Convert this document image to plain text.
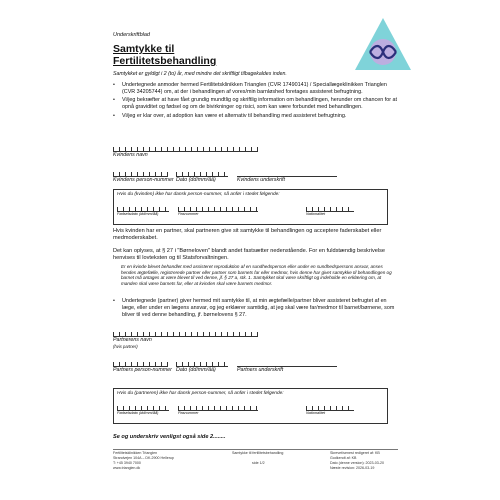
Underskriftblad
Samtykke til
Fertilitetsbehandling
Samtykket er gyldigt i 2 (to) år, med mindre det skriftligt tilbagekaldes inden.
• Undertegnede anmoder hermed Fertilitetsklinikken Trianglen (CVR 17490141) / Speciallægeklinikken Trianglen (CVR 34205744) om, at der i behandlingen af vores/min barnløshed foretages assisteret befrugtning.
• Vi/jeg bekræfter at have fået grundig mundtlig og skriftlig information om behandlingen, herunder om chancen for at opnå graviditet og fødsel og om de bivirkninger og risici, som kan være forbundet med behandlingen.
• Vi/jeg er klar over, at adoption kan være et alternativ til behandling med assisteret befrugtning.
Kvindens navn
Kvindens person-nummer Dato (dd/mm/åå)	Kvindens underskrift
Hvis du (kvinden) ikke har dansk person-nummer, så anfør i stedet følgende:
Fødselsdato (dd/mm/åå)	Pasnummer	Nationalitet
Hvis kvinden har en partner, skal partneren give sit samtykke til behandlingen og acceptere faderskabet eller medmoderskabet.
Det kan oplyses, at § 27 i "Børneloven" blandt andet fastsætter nedenstående. For en fuldstændig beskrivelse henvises til lovteksten og til Statsforvaltningen.
Er en kvinde blevet behandlet med assisteret reproduktion af en sundhedsperson eller under en sundhedspersons ansvar, anses hendes ægtefælle, registrerede partner eller partner som barnets far eller medmor, hvis denne har givet samtykke til behandlingen og barnet må antages at være blevet til ved denne, jf. § 27 a, stk. 1. Samtykket skal være skriftligt og indeholde en erklæring om, at manden skal være barnets far, eller at kvinden skal være barnets medmor.
• Undertegnede (partner) giver hermed mit samtykke til, at min ægtefælle/partner bliver assisteret befrugtet af en læge, eller under en lægens ansvar, og jeg erklærer samtidig, at jeg skal være far/medmor til barnet/børnene, som bliver til ved denne behandling, jf. børnelovens § 27.
Partnerens navn
(hvis partner)
Partners person-nummer Dato (dd/mm/åå)	Partners underskrift
Hvis du (partneren) ikke har dansk person-nummer, så anfør i stedet følgende:
Fødselsdato (dd/mm/åå)	Pasnummer	Nationalitet
Se og underskriv venligst også side 2........
Fertilitetsklinikken Trianglen
Strandvejen 104A – DK-2900 Hellerup
T: +45 3940 7000
www.trianglen.dk
Samtykke til fertilitetsbehandling
side 1/2
Skrevet/senest redigeret af: KB
Godkendt af: KB
Dato (denne version): 2023-03-20
Næste revision: 2026-03-19
